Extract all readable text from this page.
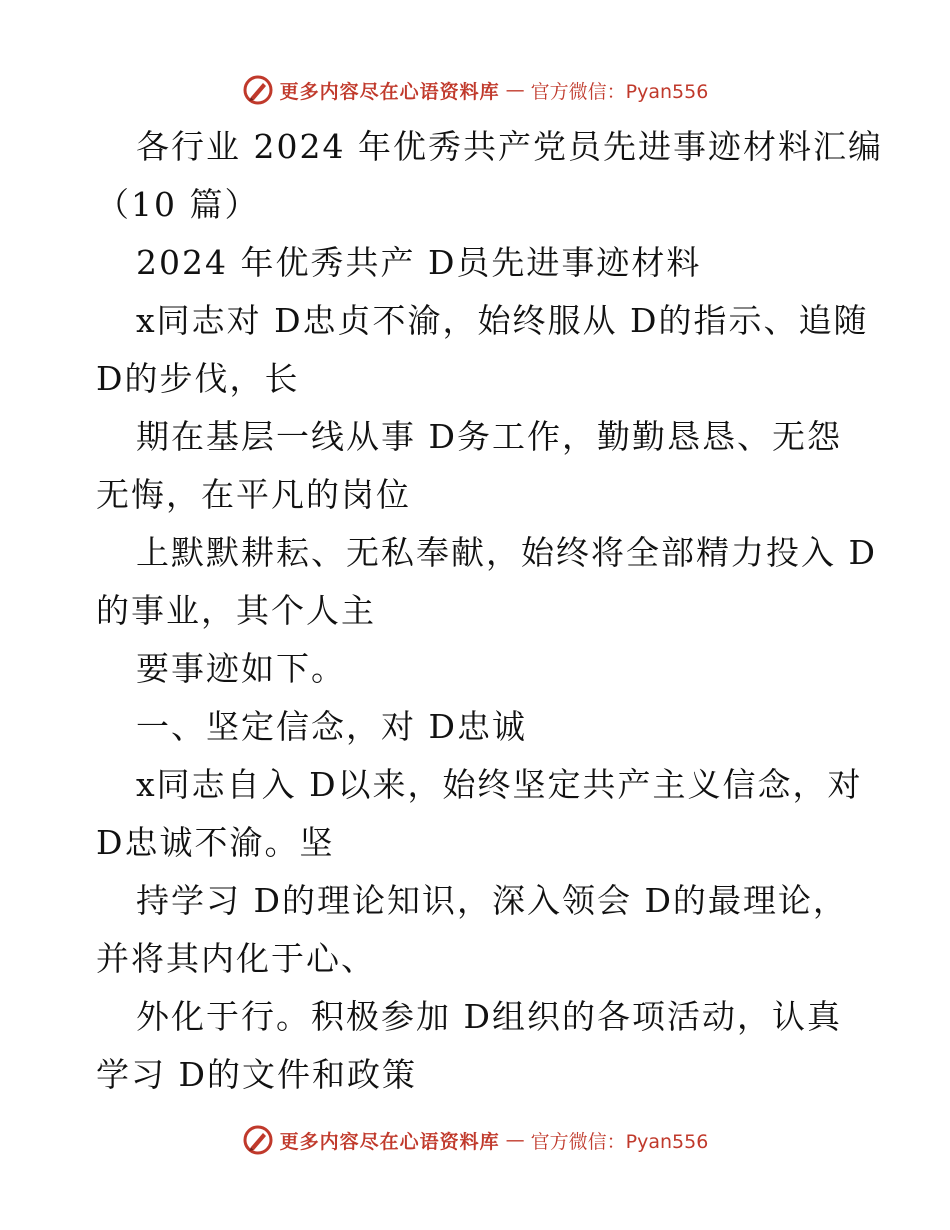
更多内容尽在心语资料库 — 官方微信：Pyan556
各行业 2024 年优秀共产党员先进事迹材料汇编
（10 篇）
2024 年优秀共产 D员先进事迹材料
x同志对 D忠贞不渝，始终服从 D的指示、追随
D的步伐，长
期在基层一线从事 D务工作，勤勤恳恳、无怨
无悔，在平凡的岗位
上默默耕耘、无私奉献，始终将全部精力投入 D
的事业，其个人主
要事迹如下。
一、坚定信念，对 D忠诚
x同志自入 D以来，始终坚定共产主义信念，对
D忠诚不渝。坚
持学习 D的理论知识，深入领会 D的最理论，
并将其内化于心、
外化于行。积极参加 D组织的各项活动，认真
学习 D的文件和政策
更多内容尽在心语资料库 — 官方微信：Pyan556
